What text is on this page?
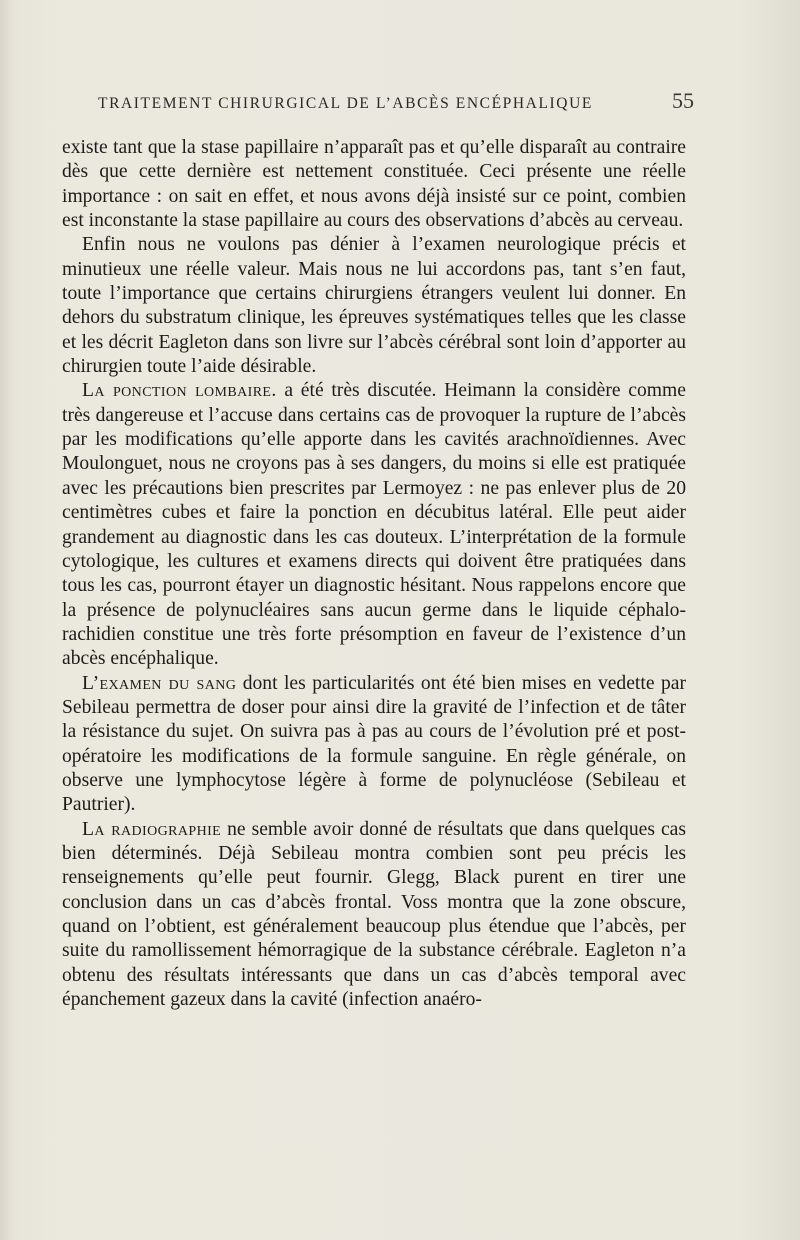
TRAITEMENT CHIRURGICAL DE L’ABCÈS ENCÉPHALIQUE	55

existe tant que la stase papillaire n’apparaît pas et qu’elle disparaît au contraire dès que cette dernière est nettement constituée. Ceci présente une réelle importance : on sait en effet, et nous avons déjà insisté sur ce point, combien est inconstante la stase papillaire au cours des observations d’abcès au cerveau.

Enfin nous ne voulons pas dénier à l’examen neurologique précis et minutieux une réelle valeur. Mais nous ne lui accordons pas, tant s’en faut, toute l’importance que certains chirurgiens étrangers veulent lui donner. En dehors du substratum clinique, les épreuves systématiques telles que les classe et les décrit Eagleton dans son livre sur l’abcès cérébral sont loin d’apporter au chirurgien toute l’aide désirable.

La ponction lombaire. a été très discutée. Heimann la considère comme très dangereuse et l’accuse dans certains cas de provoquer la rupture de l’abcès par les modifications qu’elle apporte dans les cavités arachnoïdiennes. Avec Moulonguet, nous ne croyons pas à ses dangers, du moins si elle est pratiquée avec les précautions bien prescrites par Lermoyez : ne pas enlever plus de 20 centimètres cubes et faire la ponction en décubitus latéral. Elle peut aider grandement au diagnostic dans les cas douteux. L’interprétation de la formule cytologique, les cultures et examens directs qui doivent être pratiquées dans tous les cas, pourront étayer un diagnostic hésitant. Nous rappelons encore que la présence de polynucléaires sans aucun germe dans le liquide céphalo-rachidien constitue une très forte présomption en faveur de l’existence d’un abcès encéphalique.

L’examen du sang dont les particularités ont été bien mises en vedette par Sebileau permettra de doser pour ainsi dire la gravité de l’infection et de tâter la résistance du sujet. On suivra pas à pas au cours de l’évolution pré et post-opératoire les modifications de la formule sanguine. En règle générale, on observe une lymphocytose légère à forme de polynucléose (Sebileau et Pautrier).

La radiographie ne semble avoir donné de résultats que dans quelques cas bien déterminés. Déjà Sebileau montra combien sont peu précis les renseignements qu’elle peut fournir. Glegg, Black purent en tirer une conclusion dans un cas d’abcès frontal. Voss montra que la zone obscure, quand on l’obtient, est généralement beaucoup plus étendue que l’abcès, per suite du ramollissement hémorragique de la substance cérébrale. Eagleton n’a obtenu des résultats intéressants que dans un cas d’abcès temporal avec épanchement gazeux dans la cavité (infection anaéro-
